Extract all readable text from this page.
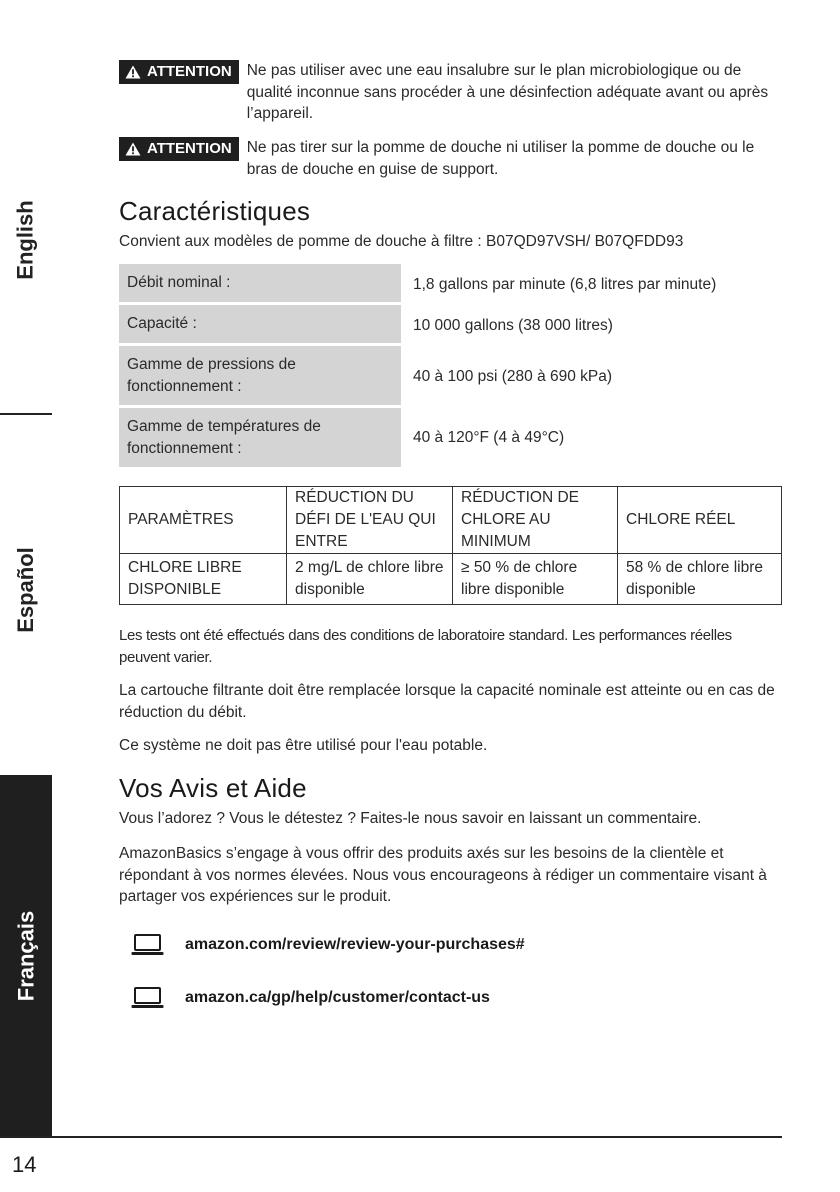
English
Español
Français
ATTENTION Ne pas utiliser avec une eau insalubre sur le plan microbiologique ou de qualité inconnue sans procéder à une désinfection adéquate avant ou après l’appareil.
ATTENTION Ne pas tirer sur la pomme de douche ni utiliser la pomme de douche ou le bras de douche en guise de support.
Caractéristiques

Convient aux modèles de pomme de douche à filtre : B07QD97VSH/ B07QFDD93

Débit nominal :	1,8 gallons par minute (6,8 litres par minute)
Capacité :	10 000 gallons (38 000 litres)
Gamme de pressions de fonctionnement :	40 à 100 psi (280 à 690 kPa)
Gamme de températures de fonctionnement :	40 à 120°F (4 à 49°C)
PARAMÈTRES	RÉDUCTION DU DÉFI DE L'EAU QUI ENTRE	RÉDUCTION DE CHLORE AU MINIMUM	CHLORE RÉEL
CHLORE LIBRE DISPONIBLE	2 mg/L de chlore libre disponible	≥ 50 % de chlore libre disponible	58 % de chlore libre disponible

Les tests ont été effectués dans des conditions de laboratoire standard. Les performances réelles peuvent varier.

La cartouche filtrante doit être remplacée lorsque la capacité nominale est atteinte ou en cas de réduction du débit.

Ce système ne doit pas être utilisé pour l'eau potable.

Vos Avis et Aide

Vous l’adorez ? Vous le détestez ? Faites-le nous savoir en laissant un commentaire.

AmazonBasics s’engage à vous offrir des produits axés sur les besoins de la clientèle et répondant à vos normes élevées. Nous vous encourageons à rédiger un commentaire visant à partager vos expériences sur le produit.

amazon.com/review/review-your-purchases#
amazon.ca/gp/help/customer/contact-us
14
